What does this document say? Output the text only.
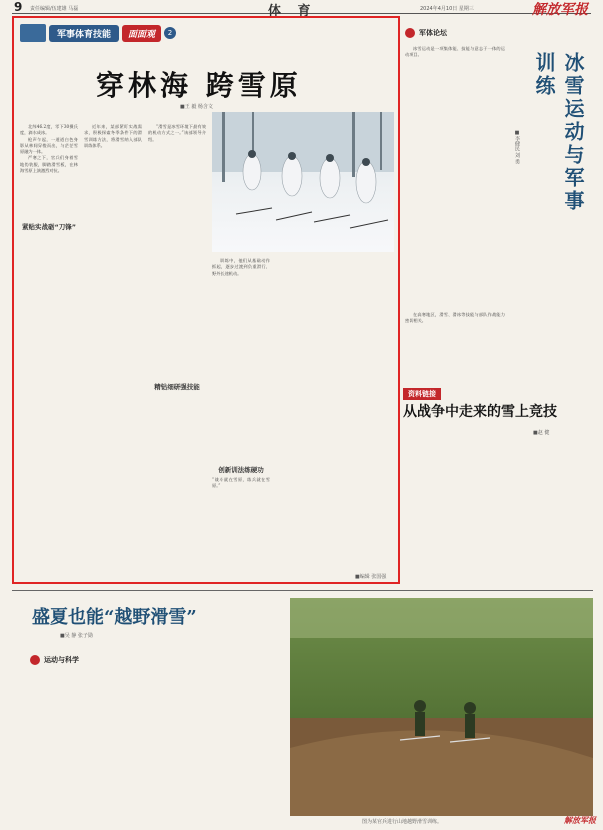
9 责任编辑/伍建雄 马磊	体 育	2024年4月10日 星期三	解放军报
军事体育技能	面面观	2
穿林海 跨雪原
■王 毅 杨含文

北纬46.2度，零下30摄氏度，滴水成冰。

枪声乍起，一道道白色身影从林间穿梭而出，与茫茫雪原融为一体。

严寒之下，官兵们身着雪地伪装服，脚踏滑雪板，在林海雪原上演激烈对抗。

紧贴实战砺“刀锋”

近年来，某部紧盯实战需求，积极探索冬季条件下的滑雪训练方法，将滑雪纳入部队训练体系。

“滑雪是冰雪环境下最有效的机动方式之一。”该部领导介绍。

精钻细研强技能

训练中，他们从基础动作抓起，逐步过渡到负重滑行、野外长途机动。

创新训法练硬功
“战斗就在雪原，练兵就在雪原。”
■编辑 张国强
军体论坛
冰雪运动与军事训练
■李健民 刘 勇

冰雪运动是一项集体能、技能与意志于一体的运动项目。

在高寒地区，滑雪、滑冰等技能与部队作战能力密切相关。

资料链接
从战争中走来的雪上竞技
■赵 健
盛夏也能“越野滑雪”
■吴 静 张子勋
运动与科学
图为某官兵进行山地越野滑雪训练。	解放军报
